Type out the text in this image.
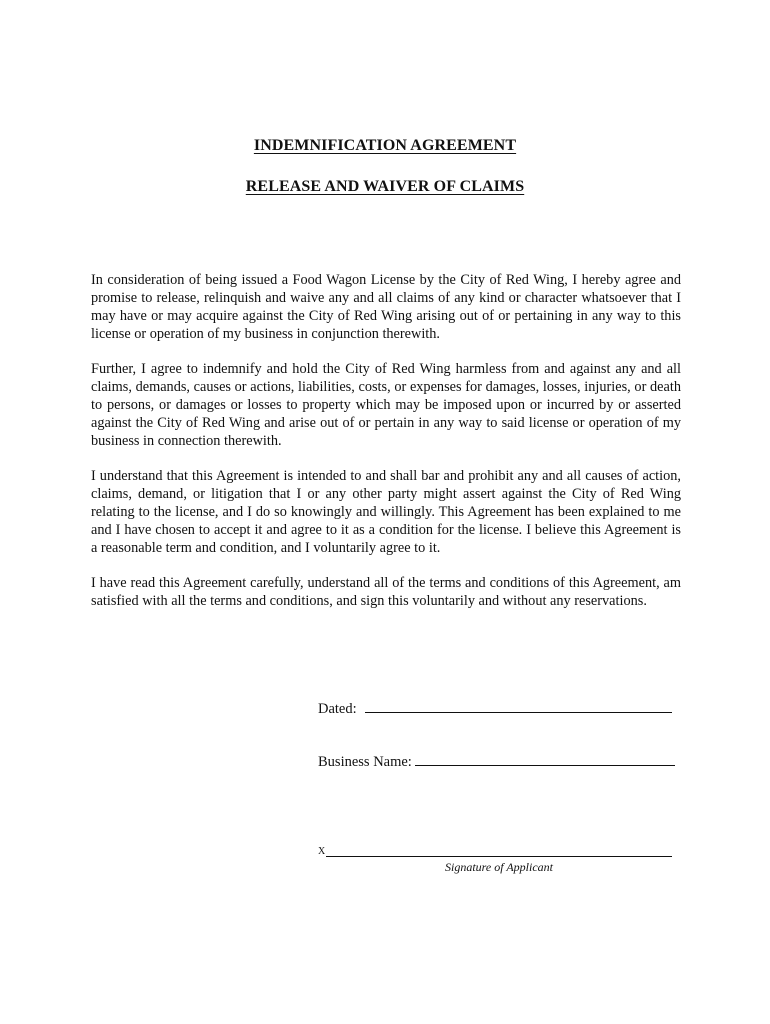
INDEMNIFICATION AGREEMENT
RELEASE AND WAIVER OF CLAIMS

In consideration of being issued a Food Wagon License by the City of Red Wing, I hereby agree and promise to release, relinquish and waive any and all claims of any kind or character whatsoever that I may have or may acquire against the City of Red Wing arising out of or pertaining in any way to this license or operation of my business in conjunction therewith.

Further, I agree to indemnify and hold the City of Red Wing harmless from and against any and all claims, demands, causes or actions, liabilities, costs, or expenses for damages, losses, injuries, or death to persons, or damages or losses to property which may be imposed upon or incurred by or asserted against the City of Red Wing and arise out of or pertain in any way to said license or operation of my business in connection therewith.

I understand that this Agreement is intended to and shall bar and prohibit any and all causes of action, claims, demand, or litigation that I or any other party might assert against the City of Red Wing relating to the license, and I do so knowingly and willingly. This Agreement has been explained to me and I have chosen to accept it and agree to it as a condition for the license. I believe this Agreement is a reasonable term and condition, and I voluntarily agree to it.

I have read this Agreement carefully, understand all of the terms and conditions of this Agreement, am satisfied with all the terms and conditions, and sign this voluntarily and without any reservations.

Dated:
Business Name:
X
Signature of Applicant
